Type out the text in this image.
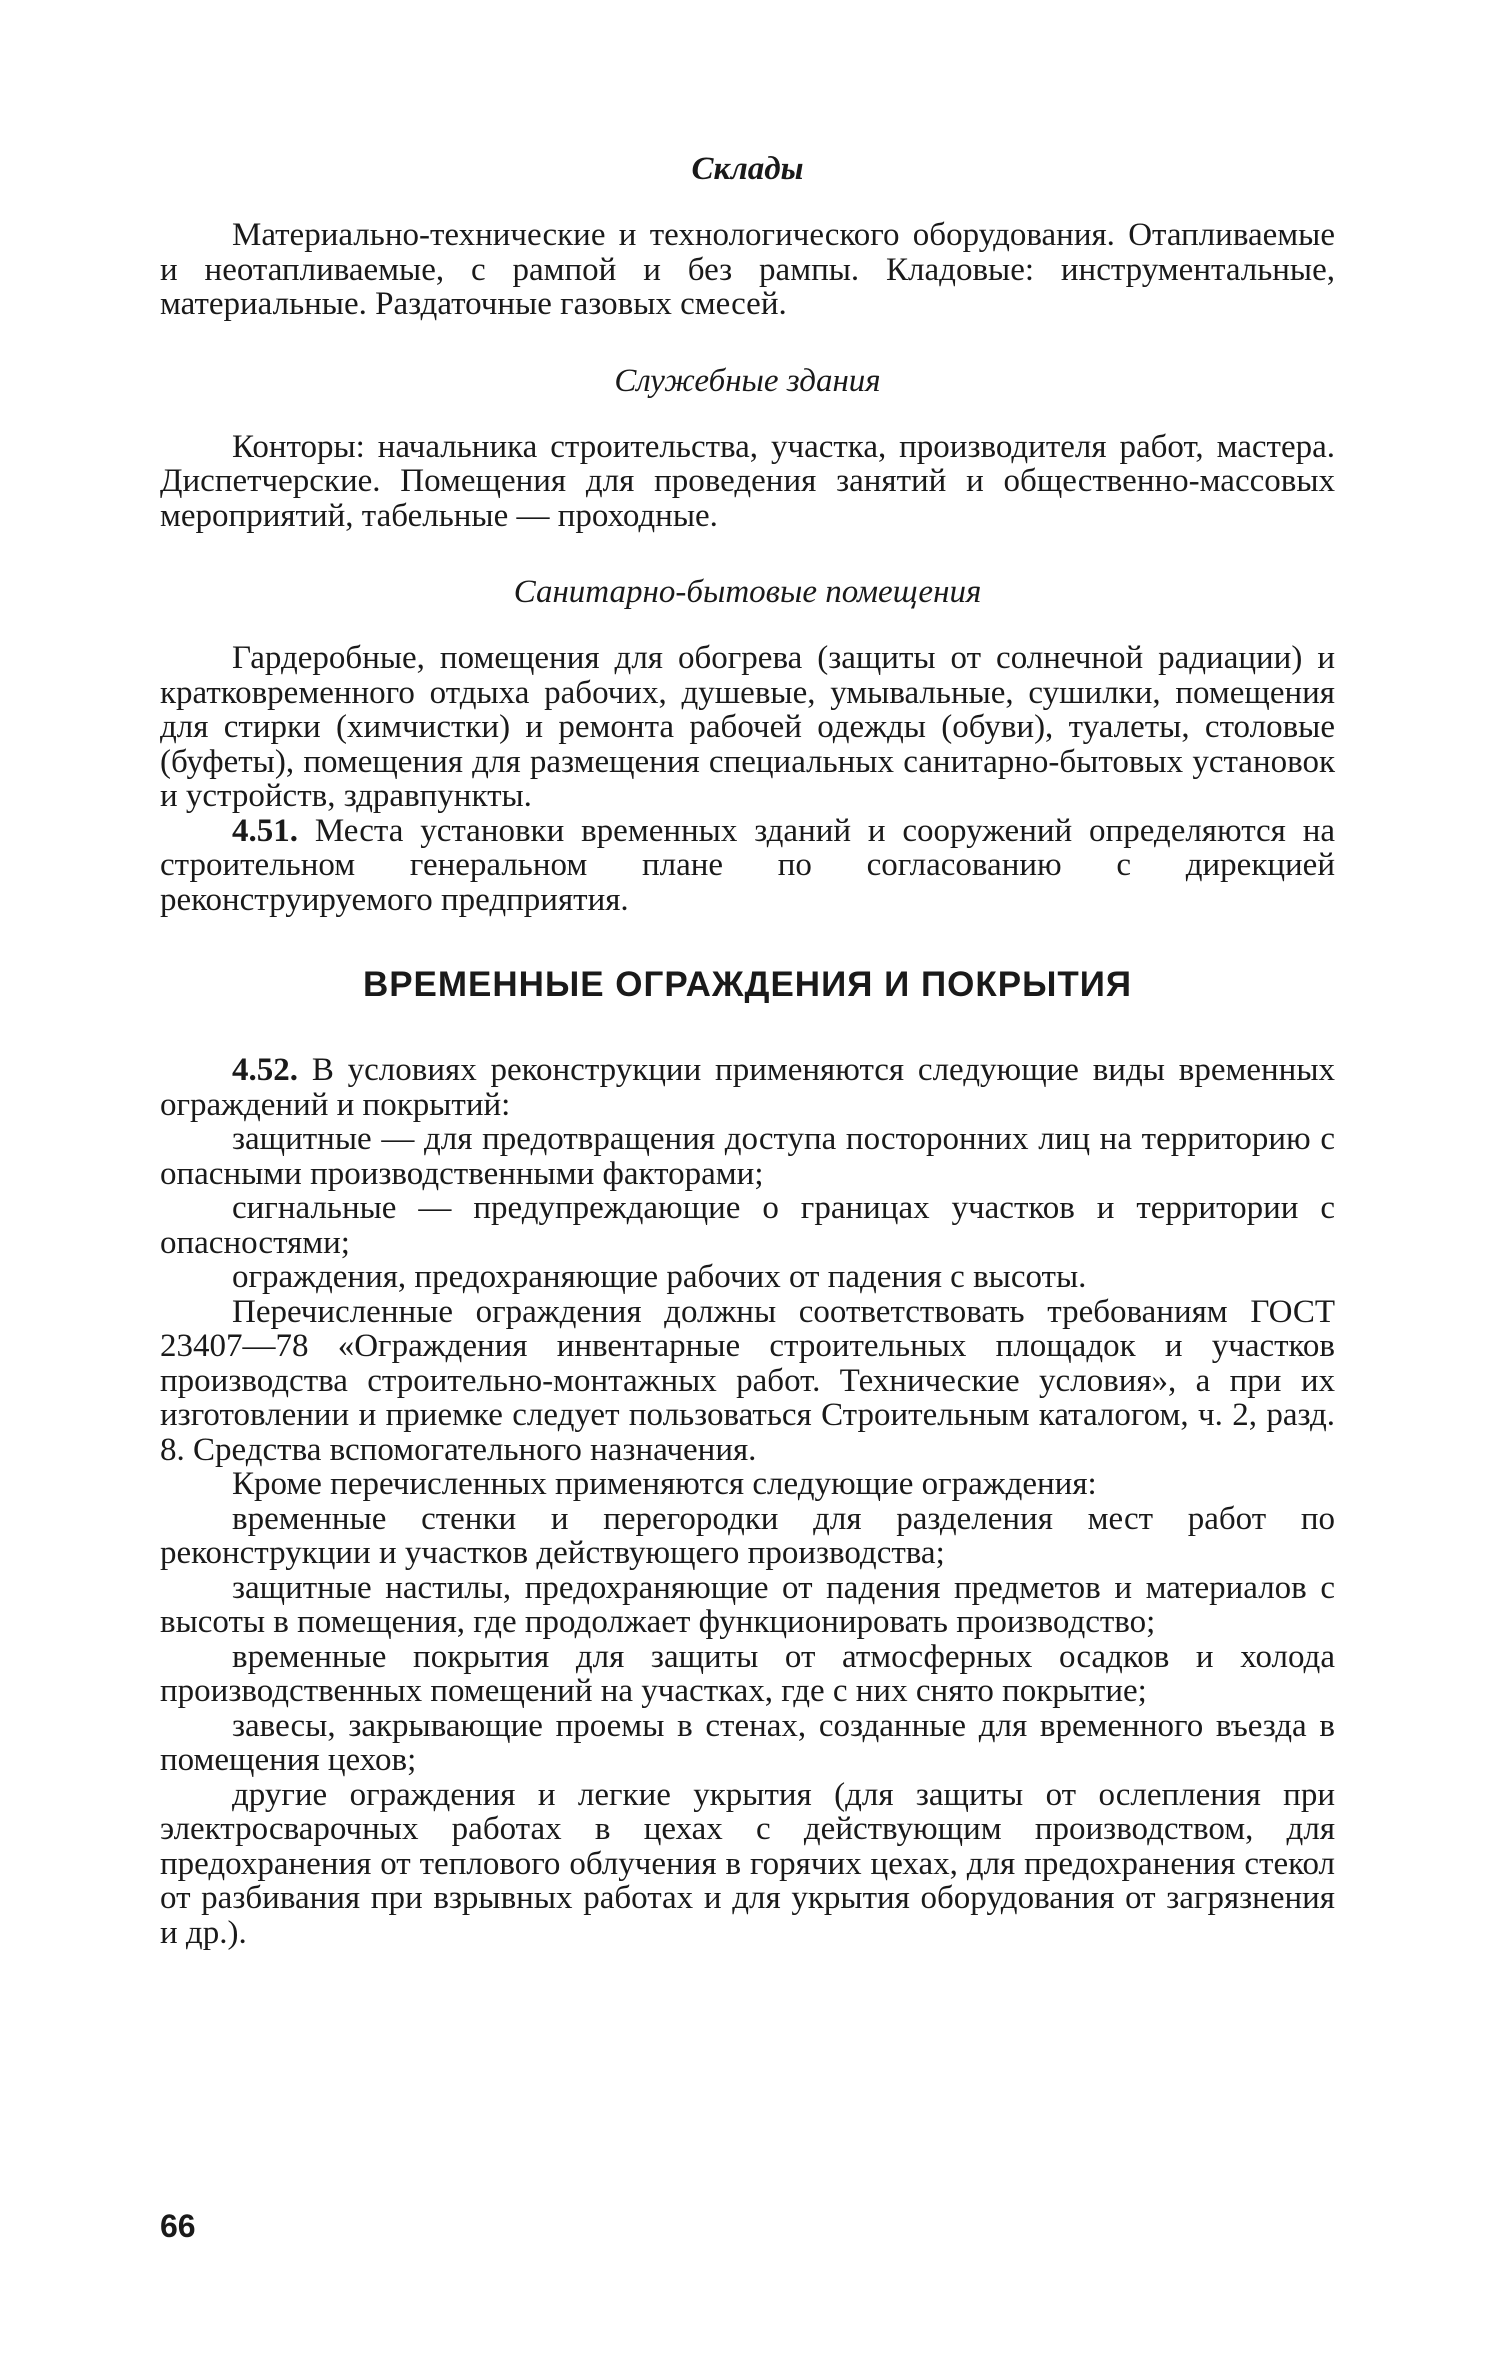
Склады

Материально-технические и технологического оборудования. Отапливаемые и неотапливаемые, с рампой и без рампы. Кладовые: инструментальные, материальные. Раздаточные газовых смесей.

Служебные здания

Конторы: начальника строительства, участка, производителя работ, мастера. Диспетчерские. Помещения для проведения занятий и общественно-массовых мероприятий, табельные — проходные.

Санитарно-бытовые помещения

Гардеробные, помещения для обогрева (защиты от солнечной радиации) и кратковременного отдыха рабочих, душевые, умывальные, сушилки, помещения для стирки (химчистки) и ремонта рабочей одежды (обуви), туалеты, столовые (буфеты), помещения для размещения специальных санитарно-бытовых установок и устройств, здравпункты.

4.51. Места установки временных зданий и сооружений определяются на строительном генеральном плане по согласованию с дирекцией реконструируемого предприятия.

ВРЕМЕННЫЕ ОГРАЖДЕНИЯ И ПОКРЫТИЯ

4.52. В условиях реконструкции применяются следующие виды временных ограждений и покрытий:

защитные — для предотвращения доступа посторонних лиц на территорию с опасными производственными факторами;

сигнальные — предупреждающие о границах участков и территории с опасностями;

ограждения, предохраняющие рабочих от падения с высоты.

Перечисленные ограждения должны соответствовать требованиям ГОСТ 23407—78 «Ограждения инвентарные строительных площадок и участков производства строительно-монтажных работ. Технические условия», а при их изготовлении и приемке следует пользоваться Строительным каталогом, ч. 2, разд. 8. Средства вспомогательного назначения.

Кроме перечисленных применяются следующие ограждения:

временные стенки и перегородки для разделения мест работ по реконструкции и участков действующего производства;

защитные настилы, предохраняющие от падения предметов и материалов с высоты в помещения, где продолжает функционировать производство;

временные покрытия для защиты от атмосферных осадков и холода производственных помещений на участках, где с них снято покрытие;

завесы, закрывающие проемы в стенах, созданные для временного въезда в помещения цехов;

другие ограждения и легкие укрытия (для защиты от ослепления при электросварочных работах в цехах с действующим производством, для предохранения от теплового облучения в горячих цехах, для предохранения стекол от разбивания при взрывных работах и для укрытия оборудования от загрязнения и др.).

66
